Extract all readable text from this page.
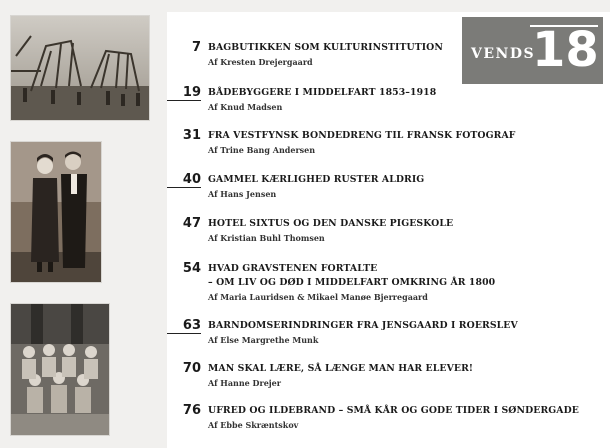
VENDS
18
7 BAGBUTIKKEN SOM KULTURINSTITUTION
Af Kresten Drejergaard
19 BÅDEBYGGERE I MIDDELFART 1853–1918
Af Knud Madsen
31 FRA VESTFYNSK BONDEDRENG TIL FRANSK FOTOGRAF
Af Trine Bang Andersen
40 GAMMEL KÆRLIGHED RUSTER ALDRIG
Af Hans Jensen
47 HOTEL SIXTUS OG DEN DANSKE PIGESKOLE
Af Kristian Buhl Thomsen
54 HVAD GRAVSTENEN FORTALTE
– OM LIV OG DØD I MIDDELFART OMKRING ÅR 1800
Af Maria Lauridsen & Mikael Manøe Bjerregaard
63 BARNDOMSERINDRINGER FRA JENSGAARD I ROERSLEV
Af Else Margrethe Munk
70 MAN SKAL LÆRE, SÅ LÆNGE MAN HAR ELEVER!
Af Hanne Drejer
76 UFRED OG ILDEBRAND – SMÅ KÅR OG GODE TIDER I SØNDERGADE
Af Ebbe Skræntskov
